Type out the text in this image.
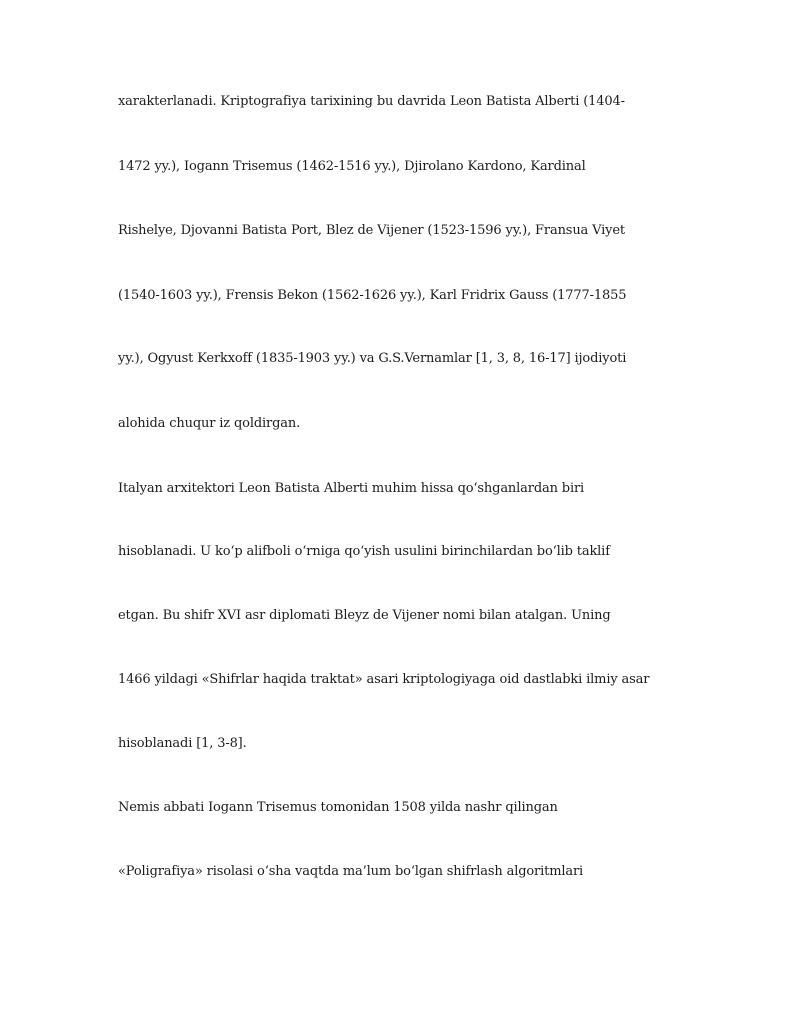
xarakterlanadi. Kriptografiya tarixining bu davrida Leon Batista Alberti (1404-
1472 yy.), Iogann Trisemus (1462-1516 yy.), Djirolano Kardono, Kardinal
Rishelye, Djovanni Batista Port, Blez de Vijener (1523-1596 yy.), Fransua Viyet
(1540-1603 yy.), Frensis Bekon (1562-1626 yy.), Karl Fridrix Gauss (1777-1855
yy.), Ogyust Kerkxoff (1835-1903 yy.) va G.S.Vernamlar [1, 3, 8, 16-17] ijodiyoti
alohida chuqur iz qoldirgan.
Italyan arxitektori Leon Batista Alberti muhim hissa qo‘shganlardan biri
hisoblanadi. U ko‘p alifboli o‘rniga qo‘yish usulini birinchilardan bo‘lib taklif
etgan. Bu shifr XVI asr diplomati Bleyz de Vijener nomi bilan atalgan. Uning
1466 yildagi «Shifrlar haqida traktat» asari kriptologiyaga oid dastlabki ilmiy asar
hisoblanadi [1, 3-8].
Nemis abbati Iogann Trisemus tomonidan 1508 yilda nashr qilingan
«Poligrafiya» risolasi o‘sha vaqtda ma’lum bo‘lgan shifrlash algoritmlari
